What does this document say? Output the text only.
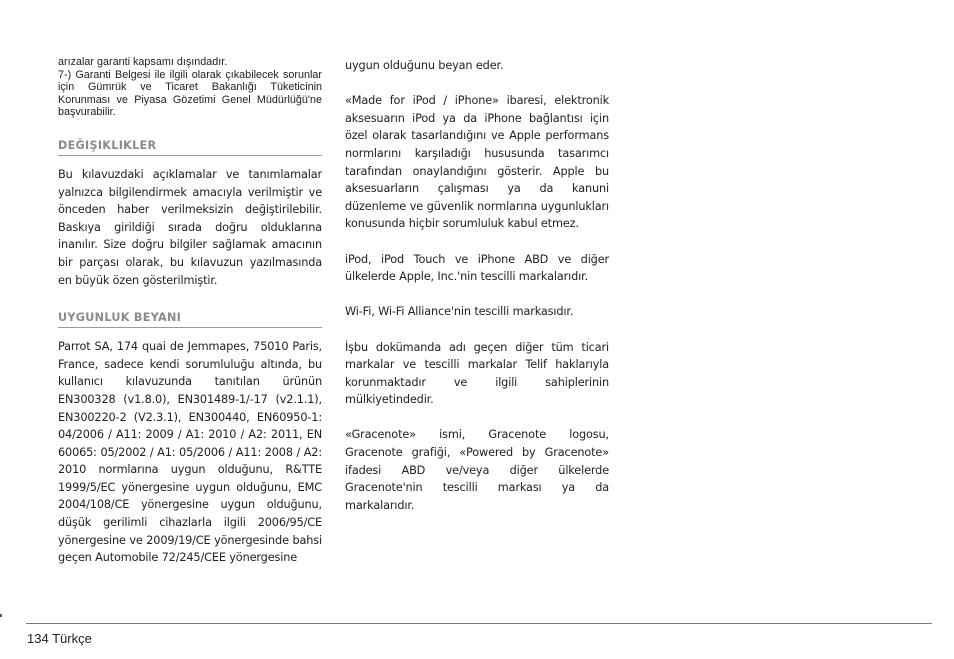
arızalar garanti kapsamı dışındadır.

7-) Garanti Belgesi ile ilgili olarak çıkabilecek sorunlar için Gümrük ve Ticaret Bakanlığı Tüketicinin Korunması ve Piyasa Gözetimi Genel Müdürlüğü'ne başvurabilir.

DEĞIŞIKLIKLER

Bu kılavuzdaki açıklamalar ve tanımlamalar yalnızca bilgilendirmek amacıyla verilmiştir ve önceden haber verilmeksizin değiştirilebilir. Baskıya girildiği sırada doğru olduklarına inanılır. Size doğru bilgiler sağlamak amacının bir parçası olarak, bu kılavuzun yazılmasında en büyük özen gösterilmiştir.

UYGUNLUK BEYANI

Parrot SA, 174 quai de Jemmapes, 75010 Paris, France, sadece kendi sorumluluğu altında, bu kullanıcı kılavuzunda tanıtılan ürünün EN300328 (v1.8.0), EN301489-1/-17 (v2.1.1), EN300220-2 (V2.3.1), EN300440, EN60950-1: 04/2006 / A11: 2009 / A1: 2010 / A2: 2011, EN 60065: 05/2002 / A1: 05/2006 / A11: 2008 / A2: 2010 normlarına uygun olduğunu, R&TTE 1999/5/EC yönergesine uygun olduğunu, EMC 2004/108/CE yönergesine uygun olduğunu, düşük gerilimli cihazlarla ilgili 2006/95/CE yönergesine ve 2009/19/CE yönergesinde bahsi geçen Automobile 72/245/CEE yönergesine

uygun olduğunu beyan eder.

«Made for iPod / iPhone» ibaresi, elektronik aksesuarın iPod ya da iPhone bağlantısı için özel olarak tasarlandığını ve Apple performans normlarını karşıladığı hususunda tasarımcı tarafından onaylandığını gösterir. Apple bu aksesuarların çalışması ya da kanuni düzenleme ve güvenlik normlarına uygunlukları konusunda hiçbir sorumluluk kabul etmez.

iPod, iPod Touch ve iPhone ABD ve diğer ülkelerde Apple, Inc.'nin tescilli markalarıdır.

Wi-Fi, Wi-Fi Alliance'nin tescilli markasıdır.

İşbu dokümanda adı geçen diğer tüm ticari markalar ve tescilli markalar Telif haklarıyla korunmaktadır ve ilgili sahiplerinin mülkiyetindedir.

«Gracenote» ismi, Gracenote logosu, Gracenote grafiği, «Powered by Gracenote» ifadesi ABD ve/veya diğer ülkelerde Gracenote'nin tescilli markası ya da markalarıdır.

134 Türkçe
